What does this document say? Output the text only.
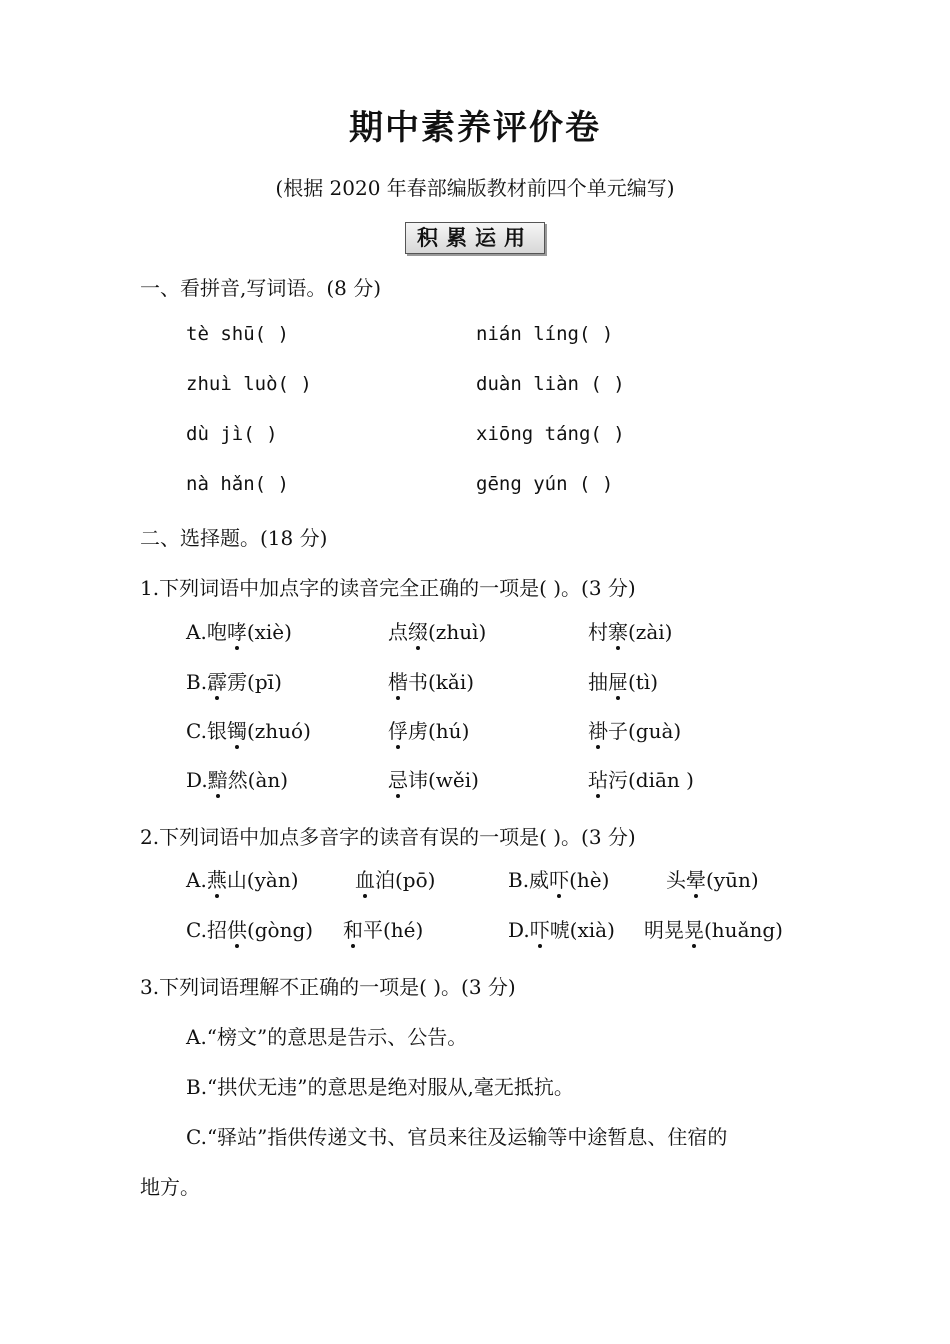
期中素养评价卷
(根据 2020 年春部编版教材前四个单元编写)
积累运用
一、看拼音,写词语。(8 分)
tè shū( )	nián líng( )
zhuì luò( )	duàn liàn ( )
dù jì( )	xiōng táng( )
nà hǎn( )	gēng yún ( )
二、选择题。(18 分)
1.下列词语中加点字的读音完全正确的一项是( )。(3 分)
A.咆哮(xiè)	点缀(zhuì)	村寨(zài)
B.霹雳(pī)	楷书(kǎi)	抽屉(tì)
C.银镯(zhuó)	俘虏(hú)	褂子(guà)
D.黯然(àn)	忌讳(wěi)	玷污(diān )
2.下列词语中加点多音字的读音有误的一项是( )。(3 分)
A.燕山(yàn)	血泊(pō)	B.威吓(hè)	头晕(yūn)
C.招供(gòng) 和平(hé)	D.吓唬(xià) 明晃晃(huǎng)
3.下列词语理解不正确的一项是( )。(3 分)
A.“榜文”的意思是告示、公告。
B.“拱伏无违”的意思是绝对服从,毫无抵抗。
C.“驿站”指供传递文书、官员来往及运输等中途暂息、住宿的
地方。
